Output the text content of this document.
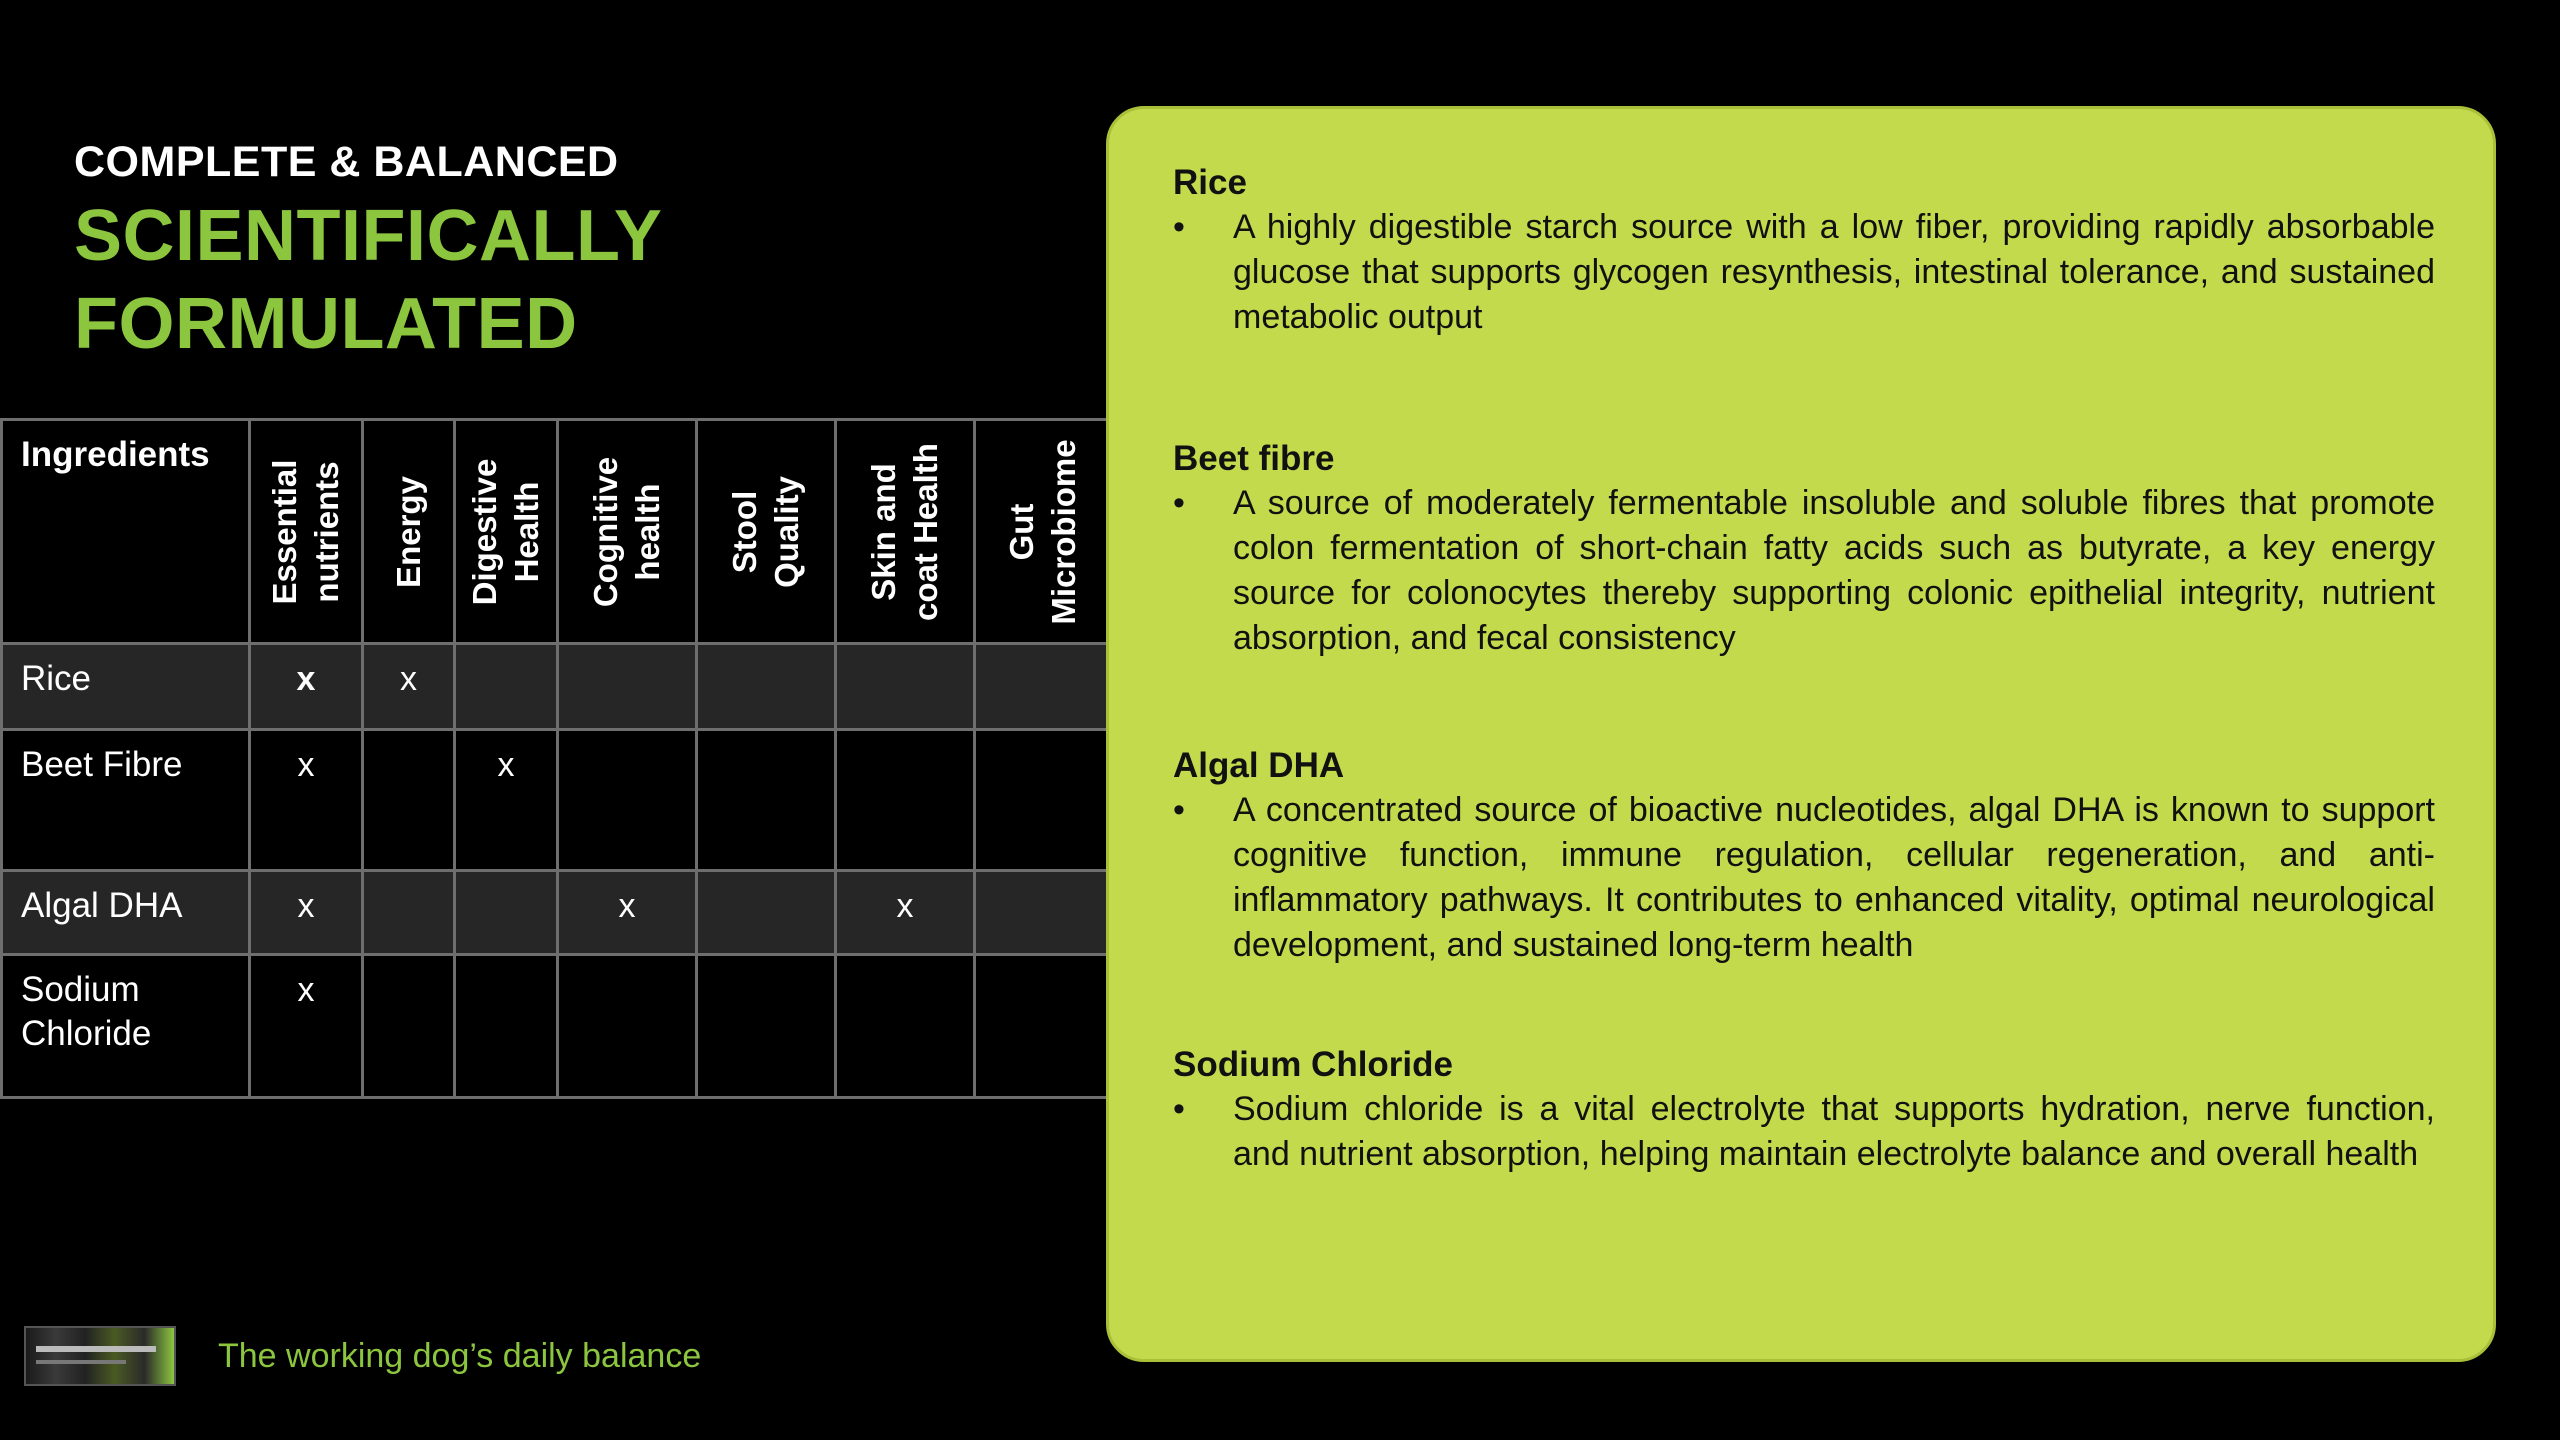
COMPLETE & BALANCED
SCIENTIFICALLY
FORMULATED
Ingredients	Essential nutrients	Energy	Digestive Health	Cognitive health	Stool Quality	Skin and coat Health	Gut Microbiome

Rice	x	x					
Beet Fibre	x		x				
Algal DHA	x			x		x	
Sodium
Chloride	x						
The working dog’s daily balance
Rice
•	A highly digestible starch source with a low fiber, providing rapidly absorbable glucose that supports glycogen resynthesis, intestinal tolerance, and sustained metabolic output
Beet fibre
•	A source of moderately fermentable insoluble and soluble fibres that promote colon fermentation of short-chain fatty acids such as butyrate, a key energy source for colonocytes thereby supporting colonic epithelial integrity, nutrient absorption, and fecal consistency
Algal DHA
•	A concentrated source of bioactive nucleotides, algal DHA is known to support cognitive function, immune regulation, cellular regeneration, and anti-inflammatory pathways. It contributes to enhanced vitality, optimal neurological development, and sustained long-term health
Sodium Chloride
•	Sodium chloride is a vital electrolyte that supports hydration, nerve function, and nutrient absorption, helping maintain electrolyte balance and overall health
